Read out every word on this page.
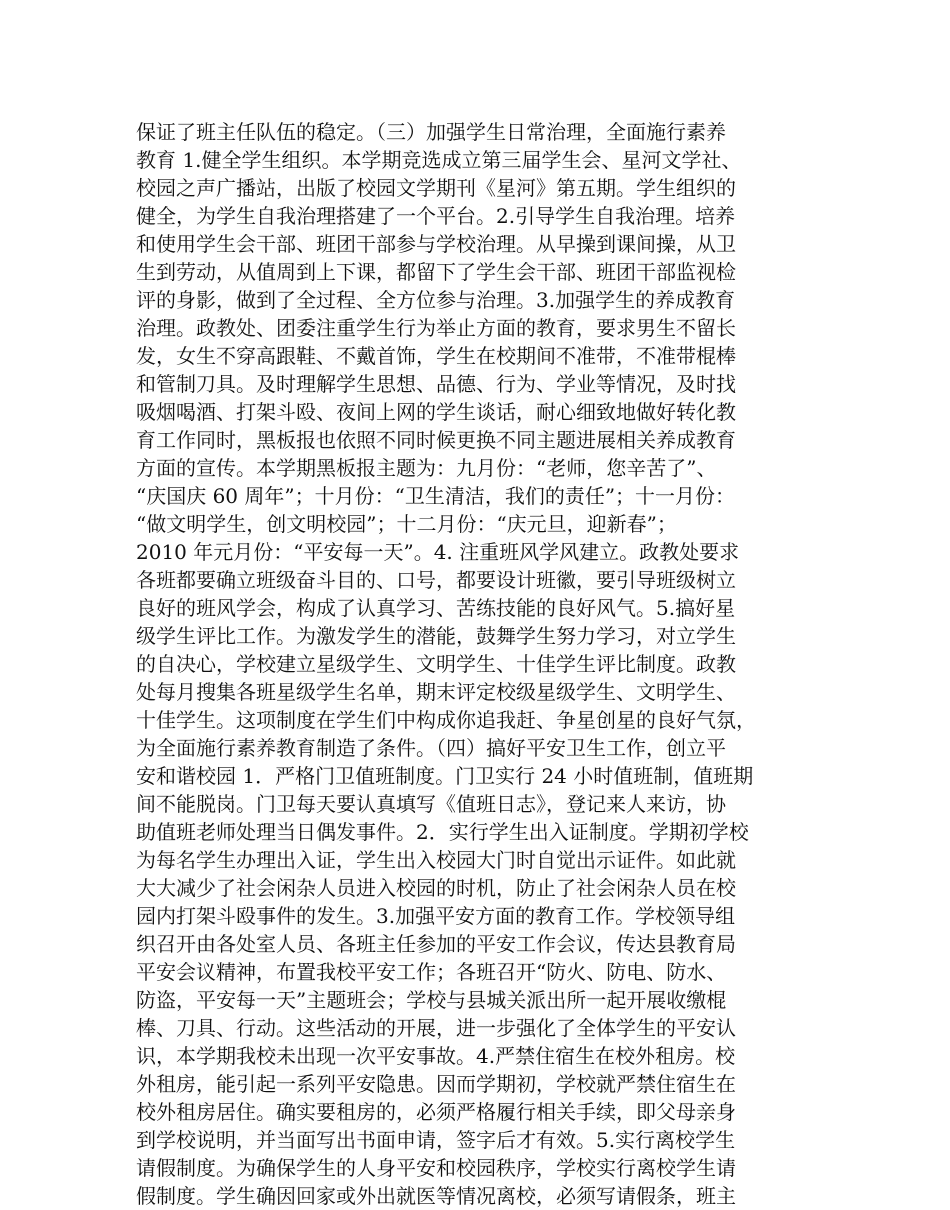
保证了班主任队伍的稳定。（三）加强学生日常治理，全面施行素养
教育 1.健全学生组织。本学期竞选成立第三届学生会、星河文学社、
校园之声广播站，出版了校园文学期刊《星河》第五期。学生组织的
健全，为学生自我治理搭建了一个平台。2.引导学生自我治理。培养
和使用学生会干部、班团干部参与学校治理。从早操到课间操，从卫
生到劳动，从值周到上下课，都留下了学生会干部、班团干部监视检
评的身影，做到了全过程、全方位参与治理。3.加强学生的养成教育
治理。政教处、团委注重学生行为举止方面的教育，要求男生不留长
发，女生不穿高跟鞋、不戴首饰，学生在校期间不准带，不准带棍棒
和管制刀具。及时理解学生思想、品德、行为、学业等情况，及时找
吸烟喝酒、打架斗殴、夜间上网的学生谈话，耐心细致地做好转化教
育工作同时，黑板报也依照不同时候更换不同主题进展相关养成教育
方面的宣传。本学期黑板报主题为：九月份：“老师，您辛苦了”、
“庆国庆 60 周年”；十月份：“卫生清洁，我们的责任”；十一月份：
“做文明学生，创文明校园”；十二月份：“庆元旦，迎新春”；
2010 年元月份：“平安每一天”。4. 注重班风学风建立。政教处要求
各班都要确立班级奋斗目的、口号，都要设计班徽，要引导班级树立
良好的班风学会，构成了认真学习、苦练技能的良好风气。5.搞好星
级学生评比工作。为激发学生的潜能，鼓舞学生努力学习，对立学生
的自决心，学校建立星级学生、文明学生、十佳学生评比制度。政教
处每月搜集各班星级学生名单，期末评定校级星级学生、文明学生、
十佳学生。这项制度在学生们中构成你追我赶、争星创星的良好气氛，
为全面施行素养教育制造了条件。（四）搞好平安卫生工作，创立平
安和谐校园 1．严格门卫值班制度。门卫实行 24 小时值班制，值班期
间不能脱岗。门卫每天要认真填写《值班日志》，登记来人来访，协
助值班老师处理当日偶发事件。2．实行学生出入证制度。学期初学校
为每名学生办理出入证，学生出入校园大门时自觉出示证件。如此就
大大减少了社会闲杂人员进入校园的时机，防止了社会闲杂人员在校
园内打架斗殴事件的发生。3.加强平安方面的教育工作。学校领导组
织召开由各处室人员、各班主任参加的平安工作会议，传达县教育局
平安会议精神，布置我校平安工作；各班召开“防火、防电、防水、
防盗，平安每一天”主题班会；学校与县城关派出所一起开展收缴棍
棒、刀具、行动。这些活动的开展，进一步强化了全体学生的平安认
识，本学期我校未出现一次平安事故。4.严禁住宿生在校外租房。校
外租房，能引起一系列平安隐患。因而学期初，学校就严禁住宿生在
校外租房居住。确实要租房的，必须严格履行相关手续，即父母亲身
到学校说明，并当面写出书面申请，签字后才有效。5.实行离校学生
请假制度。为确保学生的人身平安和校园秩序，学校实行离校学生请
假制度。学生确因回家或外出就医等情况离校，必须写请假条，班主
